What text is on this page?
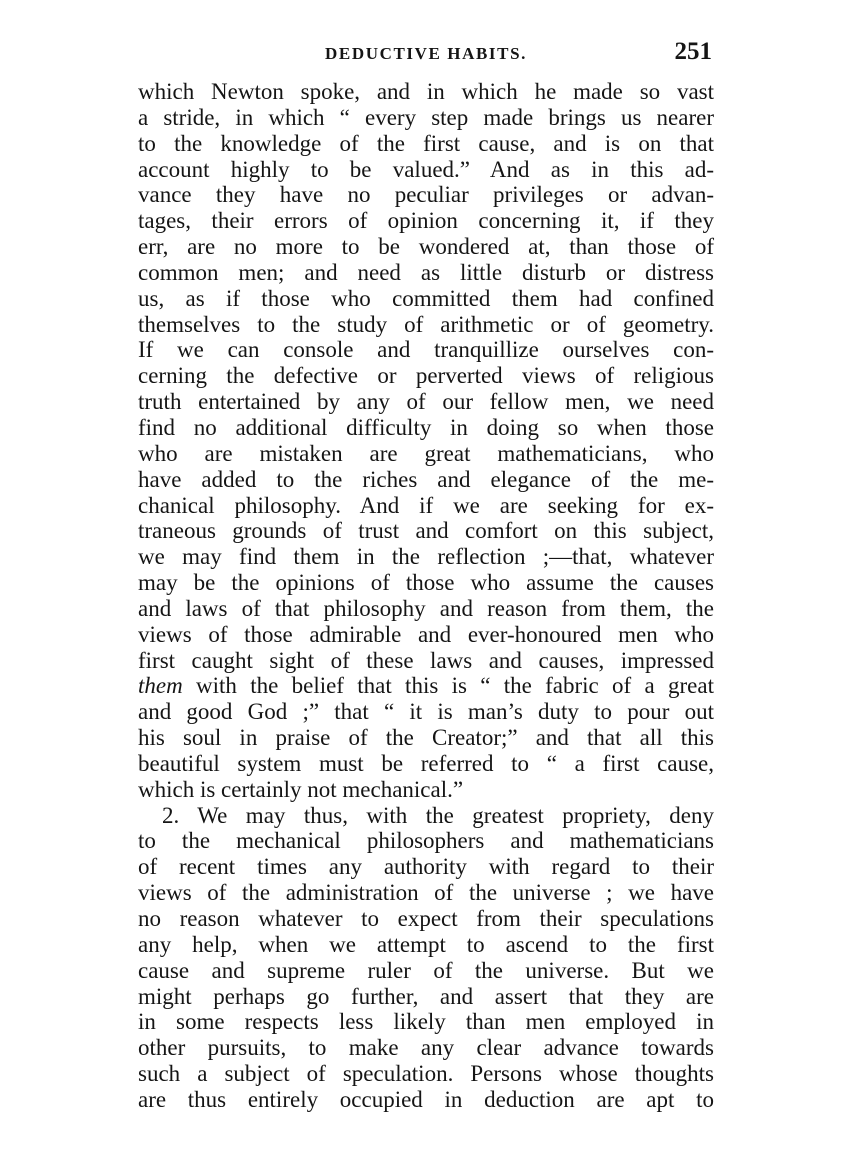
DEDUCTIVE HABITS.	251
which Newton spoke, and in which he made so vast
a stride, in which “ every step made brings us nearer
to the knowledge of the first cause, and is on that
account highly to be valued.” And as in this ad-
vance they have no peculiar privileges or advan-
tages, their errors of opinion concerning it, if they
err, are no more to be wondered at, than those of
common men; and need as little disturb or distress
us, as if those who committed them had confined
themselves to the study of arithmetic or of geometry.
If we can console and tranquillize ourselves con-
cerning the defective or perverted views of religious
truth entertained by any of our fellow men, we need
find no additional difficulty in doing so when those
who are mistaken are great mathematicians, who
have added to the riches and elegance of the me-
chanical philosophy. And if we are seeking for ex-
traneous grounds of trust and comfort on this subject,
we may find them in the reflection ;—that, whatever
may be the opinions of those who assume the causes
and laws of that philosophy and reason from them, the
views of those admirable and ever-honoured men who
first caught sight of these laws and causes, impressed
them with the belief that this is “ the fabric of a great
and good God ;” that “ it is man’s duty to pour out
his soul in praise of the Creator;” and that all this
beautiful system must be referred to “ a first cause,
which is certainly not mechanical.”
2. We may thus, with the greatest propriety, deny
to the mechanical philosophers and mathematicians
of recent times any authority with regard to their
views of the administration of the universe ; we have
no reason whatever to expect from their speculations
any help, when we attempt to ascend to the first
cause and supreme ruler of the universe. But we
might perhaps go further, and assert that they are
in some respects less likely than men employed in
other pursuits, to make any clear advance towards
such a subject of speculation. Persons whose thoughts
are thus entirely occupied in deduction are apt to
